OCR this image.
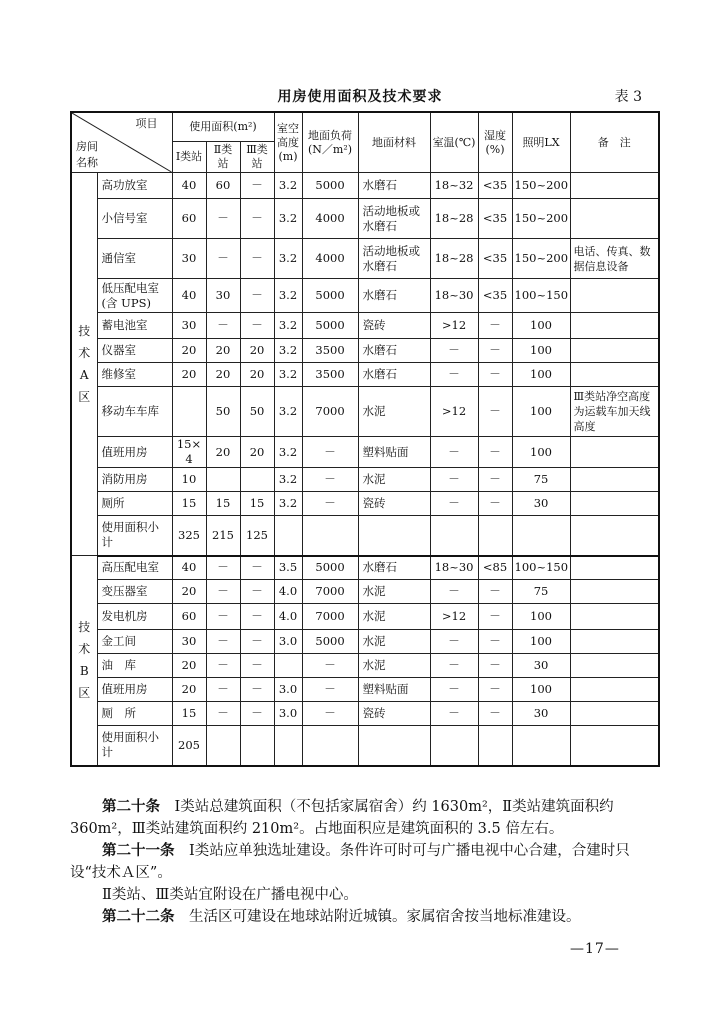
用房使用面积及技术要求	表 3
项目
房间
名称		使用面积(m²)			室空高度(m)	地面负荷(N／m²)	地面材料	室温(℃)	湿度(%)	照明LX	备　注
		Ⅰ类站	Ⅱ类站	Ⅲ类站							
技术A区	高功放室	40	60	－	3.2	5000	水磨石	18~32	<35	150~200	
	小信号室	60	－	－	3.2	4000	活动地板或水磨石	18~28	<35	150~200	
	通信室	30	－	－	3.2	4000	活动地板或水磨石	18~28	<35	150~200	电话、传真、数据信息设备
	低压配电室(含 UPS)	40	30	－	3.2	5000	水磨石	18~30	<35	100~150	
	蓄电池室	30	－	－	3.2	5000	瓷砖	>12	－	100	
	仪器室	20	20	20	3.2	3500	水磨石	－	－	100	
	维修室	20	20	20	3.2	3500	水磨石	－	－	100	
	移动车车库		50	50	3.2	7000	水泥	>12	－	100	Ⅲ类站净空高度为运载车加天线高度
	值班用房	15× 4	20	20	3.2	－	塑料贴面	－	－	100	
	消防用房	10			3.2	－	水泥	－	－	75	
	厕所	15	15	15	3.2	－	瓷砖	－	－	30	
	使用面积小计	325	215	125							
技术B区	高压配电室	40	－	－	3.5	5000	水磨石	18~30	<85	100~150	
	变压器室	20	－	－	4.0	7000	水泥	－	－	75	
	发电机房	60	－	－	4.0	7000	水泥	>12	－	100	
	金工间	30	－	－	3.0	5000	水泥	－	－	100	
	油　库	20	－	－		－	水泥	－	－	30	
	值班用房	20	－	－	3.0	－	塑料贴面	－	－	100	
	厕　所	15	－	－	3.0	－	瓷砖	－	－	30	
	使用面积小计	205									

第二十条　 Ⅰ类站总建筑面积（不包括家属宿舍）约 1630m²，Ⅱ类站建筑面积约 360m²，Ⅲ类站建筑面积约 210m²。占地面积应是建筑面积的 3.5 倍左右。

第二十一条　 Ⅰ类站应单独选址建设。条件许可时可与广播电视中心合建，合建时只设“技术Ａ区”。

Ⅱ类站、Ⅲ类站宜附设在广播电视中心。

第二十二条　 生活区可建设在地球站附近城镇。家属宿舍按当地标准建设。

—17—
